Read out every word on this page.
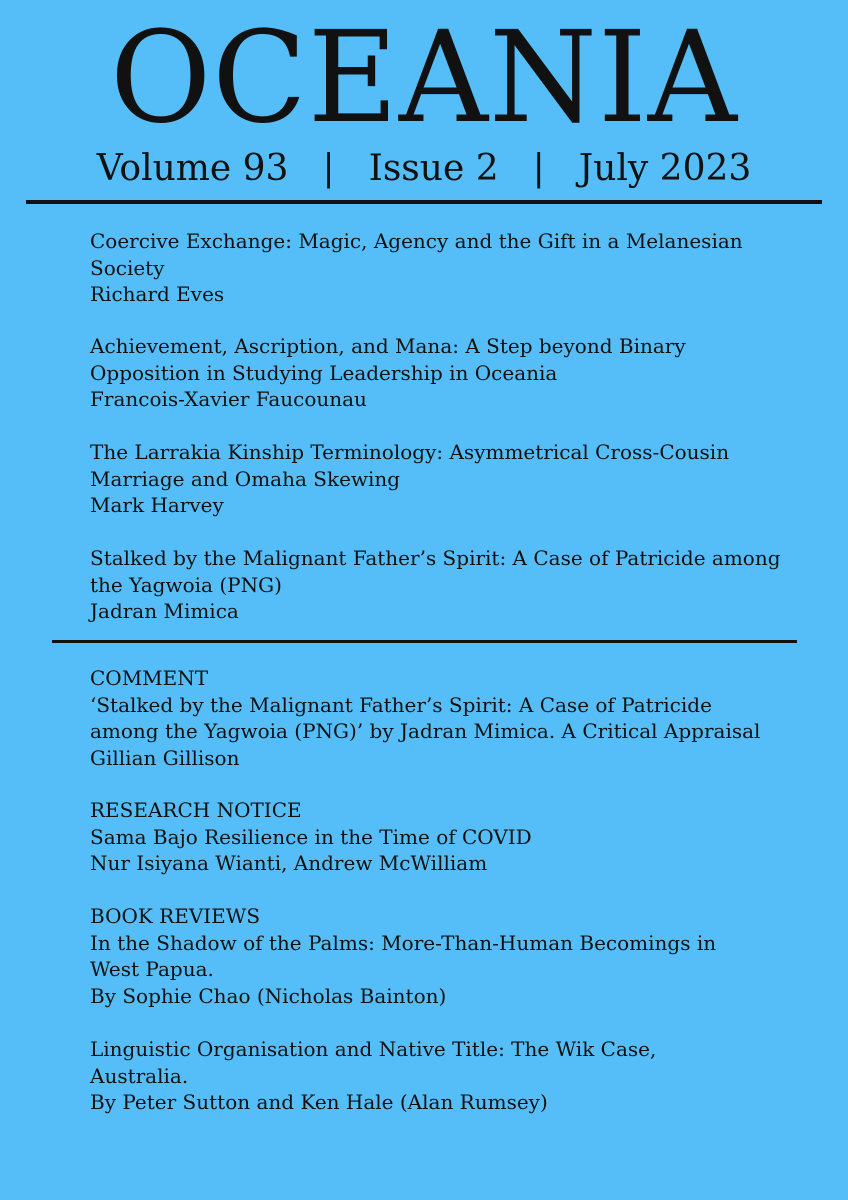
OCEANIA
Volume 93 | Issue 2 | July 2023
Coercive Exchange: Magic, Agency and the Gift in a Melanesian
Society
Richard Eves
Achievement, Ascription, and Mana: A Step beyond Binary
Opposition in Studying Leadership in Oceania
Francois-Xavier Faucounau
The Larrakia Kinship Terminology: Asymmetrical Cross-Cousin
Marriage and Omaha Skewing
Mark Harvey
Stalked by the Malignant Father’s Spirit: A Case of Patricide among
the Yagwoia (PNG)
Jadran Mimica
COMMENT
‘Stalked by the Malignant Father’s Spirit: A Case of Patricide
among the Yagwoia (PNG)’ by Jadran Mimica. A Critical Appraisal
Gillian Gillison
RESEARCH NOTICE
Sama Bajo Resilience in the Time of COVID
Nur Isiyana Wianti, Andrew McWilliam
BOOK REVIEWS
In the Shadow of the Palms: More-Than-Human Becomings in
West Papua.
By Sophie Chao (Nicholas Bainton)
Linguistic Organisation and Native Title: The Wik Case,
Australia.
By Peter Sutton and Ken Hale (Alan Rumsey)
